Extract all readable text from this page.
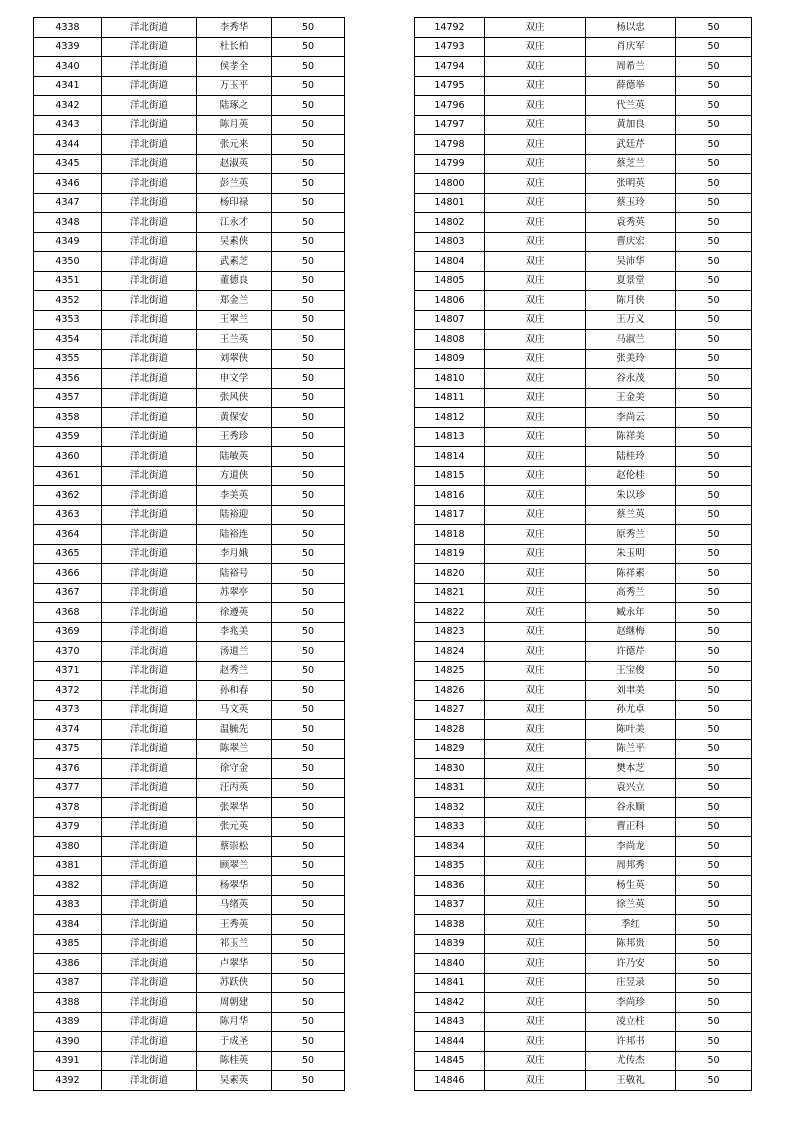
4338	洋北街道	李秀华	50
4339	洋北街道	杜长柏	50
4340	洋北街道	侯孝全	50
4341	洋北街道	万玉平	50
4342	洋北街道	陆琢之	50
4343	洋北街道	陈月英	50
4344	洋北街道	张元来	50
4345	洋北街道	赵淑英	50
4346	洋北街道	彭兰英	50
4347	洋北街道	杨印禄	50
4348	洋北街道	江永才	50
4349	洋北街道	吴素侠	50
4350	洋北街道	武素芝	50
4351	洋北街道	董德良	50
4352	洋北街道	郑金兰	50
4353	洋北街道	王翠兰	50
4354	洋北街道	王兰英	50
4355	洋北街道	刘翠侠	50
4356	洋北街道	申文学	50
4357	洋北街道	张风侠	50
4358	洋北街道	黄保安	50
4359	洋北街道	王秀珍	50
4360	洋北街道	陆敏英	50
4361	洋北街道	方道侠	50
4362	洋北街道	李美英	50
4363	洋北街道	陆裕迎	50
4364	洋北街道	陆裕连	50
4365	洋北街道	李月娥	50
4366	洋北街道	陆裕号	50
4367	洋北街道	苏翠亭	50
4368	洋北街道	徐遵英	50
4369	洋北街道	李兆美	50
4370	洋北街道	汤道兰	50
4371	洋北街道	赵秀兰	50
4372	洋北街道	孙和春	50
4373	洋北街道	马文英	50
4374	洋北街道	温毓先	50
4375	洋北街道	陈翠兰	50
4376	洋北街道	徐守金	50
4377	洋北街道	汪丙英	50
4378	洋北街道	张翠华	50
4379	洋北街道	张元英	50
4380	洋北街道	蔡崇松	50
4381	洋北街道	顾翠兰	50
4382	洋北街道	杨翠华	50
4383	洋北街道	马绪英	50
4384	洋北街道	王秀英	50
4385	洋北街道	祁玉兰	50
4386	洋北街道	卢翠华	50
4387	洋北街道	苏跃侠	50
4388	洋北街道	周朝建	50
4389	洋北街道	陈月华	50
4390	洋北街道	于成圣	50
4391	洋北街道	陈桂英	50
4392	洋北街道	吴素英	50
14792	双庄	杨以忠	50
14793	双庄	肖庆军	50
14794	双庄	周希兰	50
14795	双庄	薛德举	50
14796	双庄	代兰英	50
14797	双庄	黄加良	50
14798	双庄	武廷芹	50
14799	双庄	蔡芝兰	50
14800	双庄	张明英	50
14801	双庄	蔡玉玲	50
14802	双庄	袁秀英	50
14803	双庄	曹庆宏	50
14804	双庄	吴沛华	50
14805	双庄	夏景堂	50
14806	双庄	陈月侠	50
14807	双庄	王万义	50
14808	双庄	马淑兰	50
14809	双庄	张美玲	50
14810	双庄	谷永茂	50
14811	双庄	王金美	50
14812	双庄	李尚云	50
14813	双庄	陈祥美	50
14814	双庄	陆桂玲	50
14815	双庄	赵伦桂	50
14816	双庄	朱以珍	50
14817	双庄	蔡兰英	50
14818	双庄	原秀兰	50
14819	双庄	朱玉明	50
14820	双庄	陈祥素	50
14821	双庄	高秀兰	50
14822	双庄	臧永年	50
14823	双庄	赵继梅	50
14824	双庄	许德芹	50
14825	双庄	王宝俊	50
14826	双庄	刘聿美	50
14827	双庄	孙尤卓	50
14828	双庄	陈叶美	50
14829	双庄	陈兰平	50
14830	双庄	樊本芝	50
14831	双庄	袁兴立	50
14832	双庄	谷永顺	50
14833	双庄	曹正科	50
14834	双庄	李尚龙	50
14835	双庄	周邦秀	50
14836	双庄	杨生英	50
14837	双庄	徐兰英	50
14838	双庄	季红	50
14839	双庄	陈邦贵	50
14840	双庄	许乃安	50
14841	双庄	庄昱录	50
14842	双庄	李尚珍	50
14843	双庄	凌立柱	50
14844	双庄	许邦书	50
14845	双庄	尤传杰	50
14846	双庄	王敬礼	50
